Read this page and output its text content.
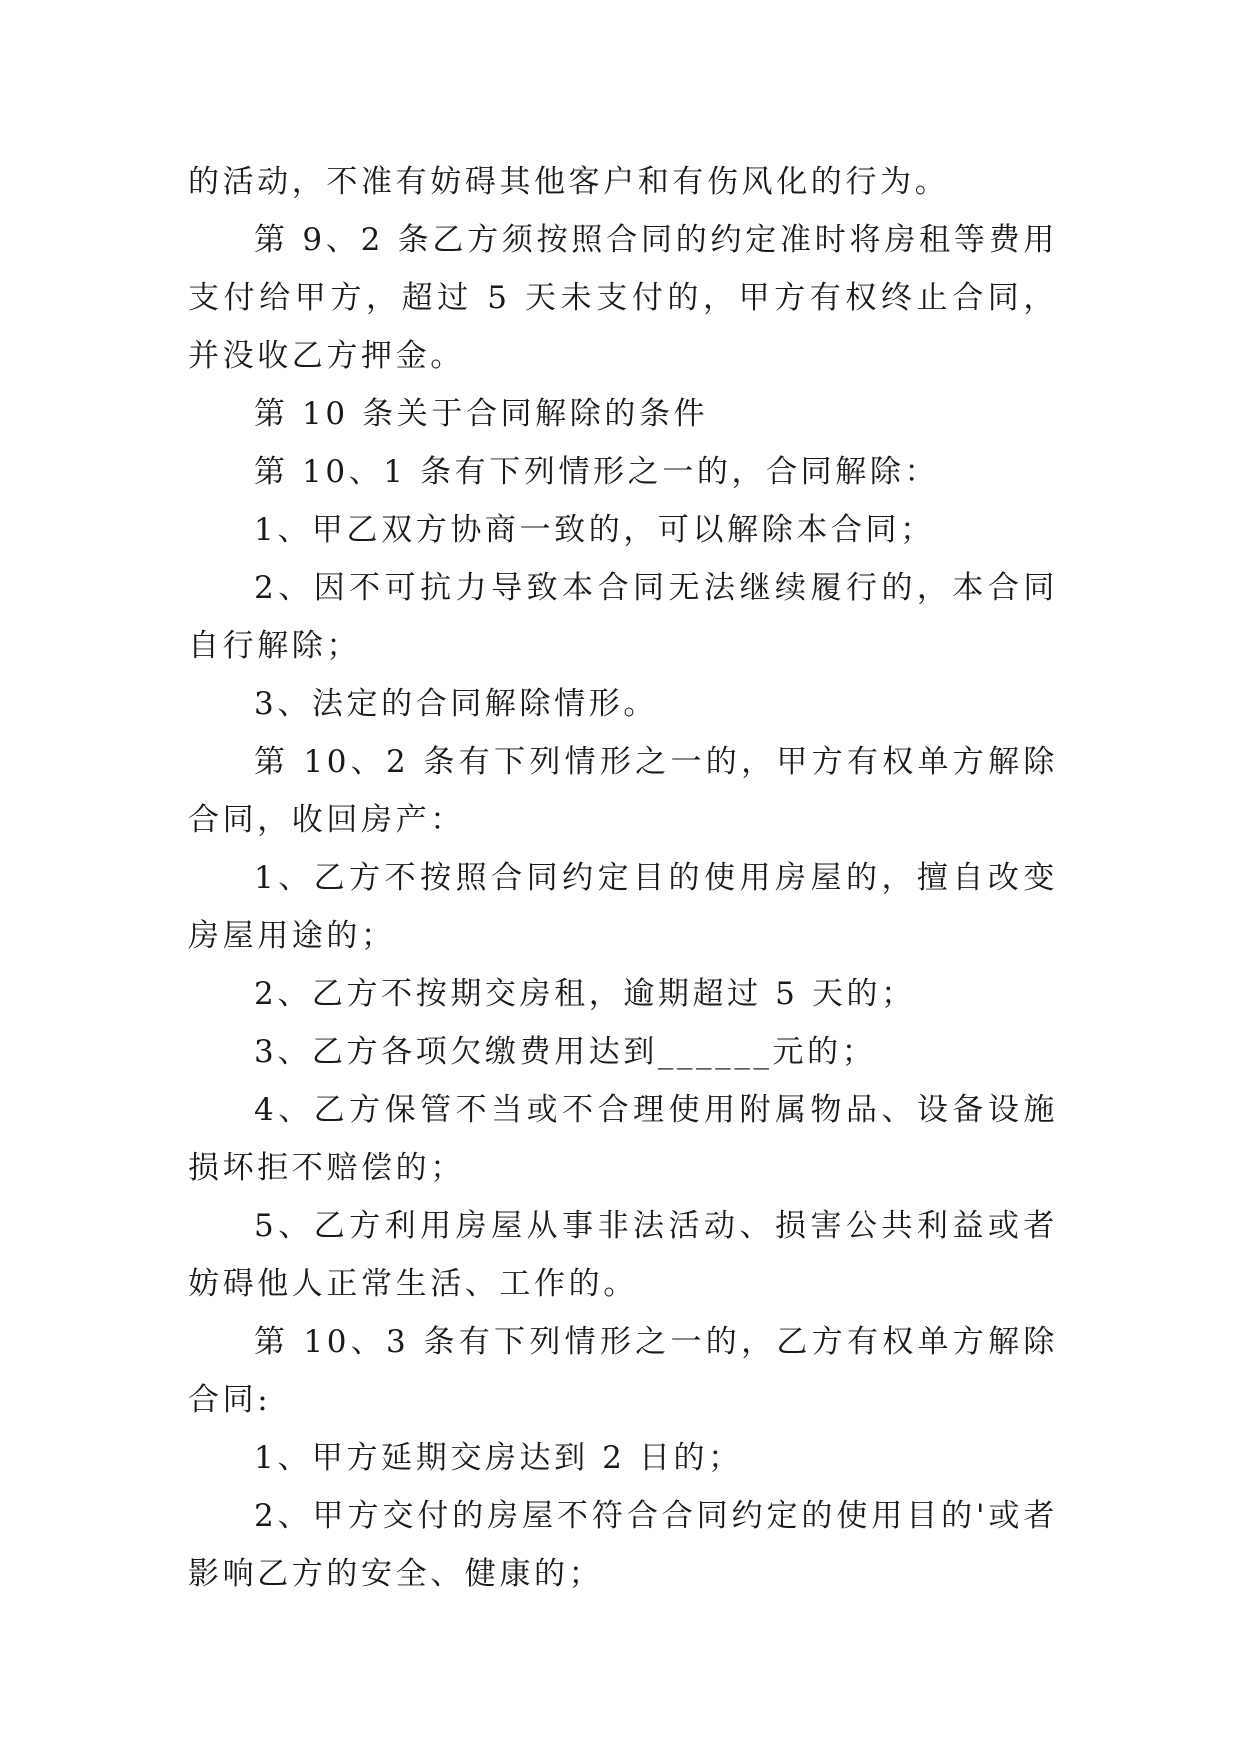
的活动，不准有妨碍其他客户和有伤风化的行为。

第 9、2 条乙方须按照合同的约定准时将房租等费用支付给甲方，超过 5 天未支付的，甲方有权终止合同，并没收乙方押金。

第 10 条关于合同解除的条件

第 10、1 条有下列情形之一的，合同解除：

1、甲乙双方协商一致的，可以解除本合同；

2、因不可抗力导致本合同无法继续履行的，本合同自行解除；

3、法定的合同解除情形。

第 10、2 条有下列情形之一的，甲方有权单方解除合同，收回房产：

1、乙方不按照合同约定目的使用房屋的，擅自改变房屋用途的；

2、乙方不按期交房租，逾期超过 5 天的；

3、乙方各项欠缴费用达到______元的；

4、乙方保管不当或不合理使用附属物品、设备设施损坏拒不赔偿的；

5、乙方利用房屋从事非法活动、损害公共利益或者妨碍他人正常生活、工作的。

第 10、3 条有下列情形之一的，乙方有权单方解除合同:

1、甲方延期交房达到 2 日的；

2、甲方交付的房屋不符合合同约定的使用目的'或者影响乙方的安全、健康的；
